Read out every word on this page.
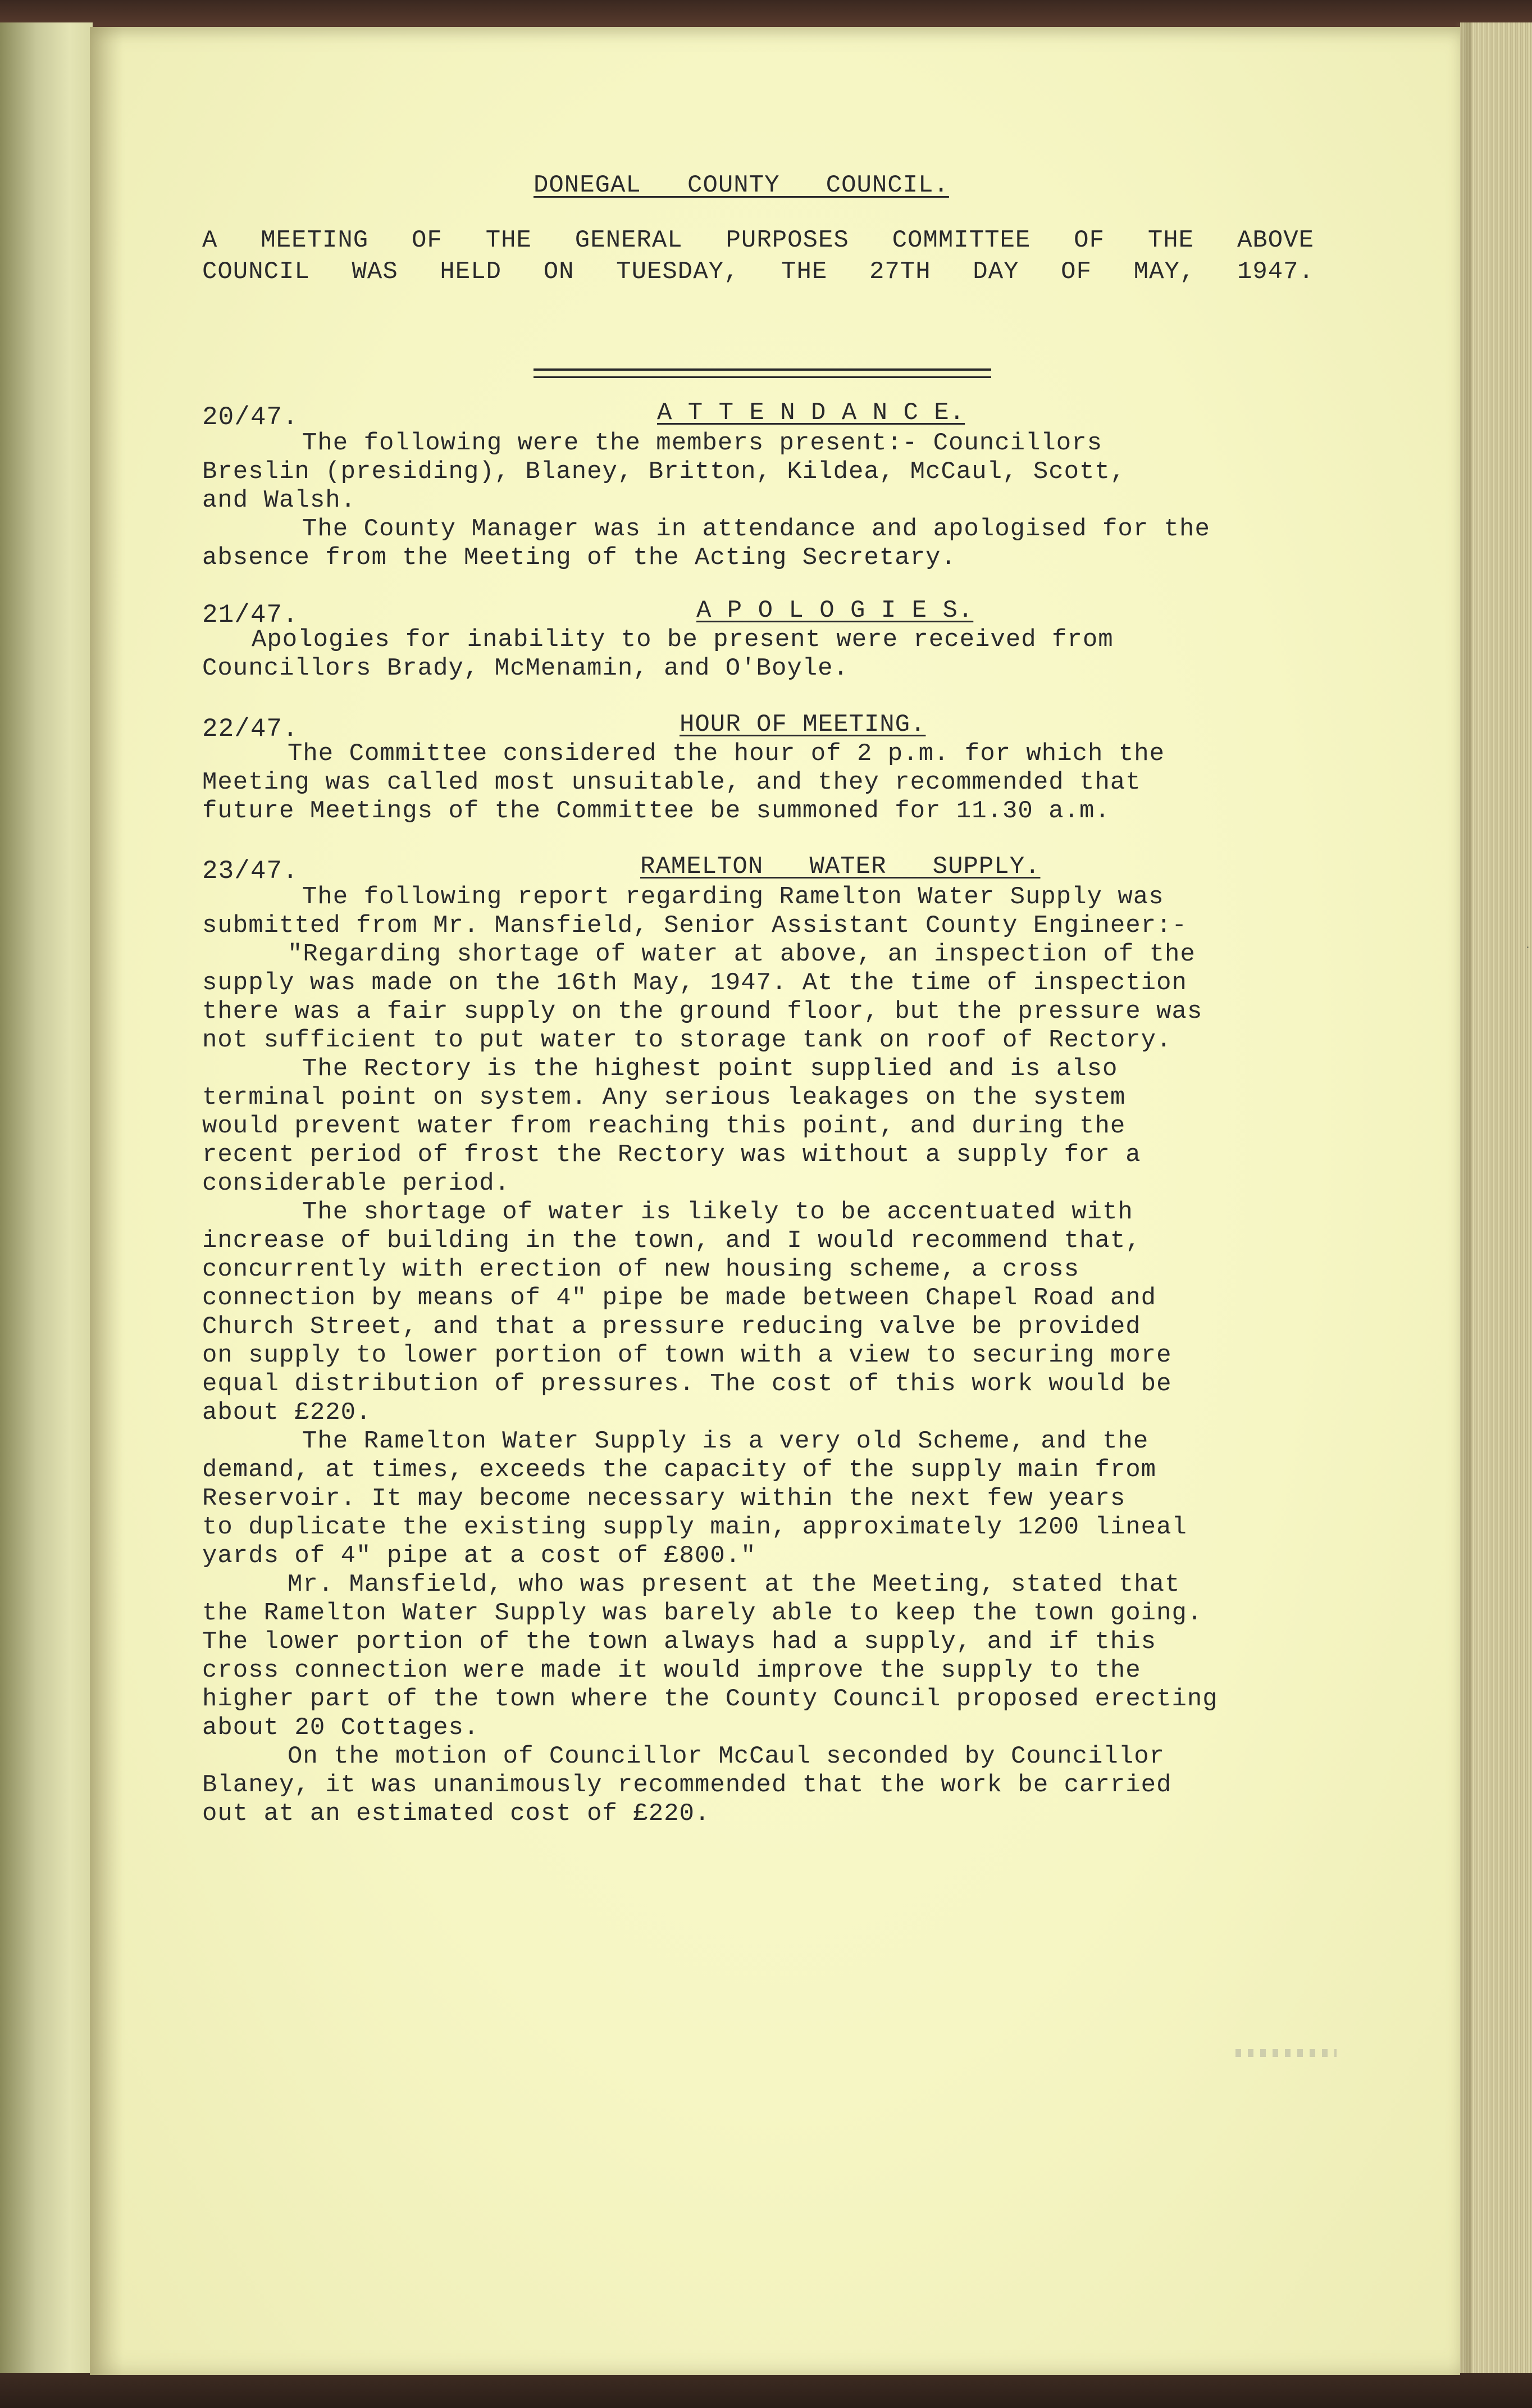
DONEGAL   COUNTY   COUNCIL.
A MEETING OF THE GENERAL PURPOSES COMMITTEE OF THE ABOVE
COUNCIL WAS HELD ON TUESDAY, THE 27TH DAY OF MAY, 1947.
20/47.	A T T E N D A N C E.

The following were the members present:- Councillors
Breslin (presiding), Blaney, Britton, Kildea, McCaul, Scott,
and Walsh.

The County Manager was in attendance and apologised for the
absence from the Meeting of the Acting Secretary.

21/47.	A P O L O G I E S.

Apologies for inability to be present were received from
Councillors Brady, McMenamin, and O'Boyle.

22/47.	HOUR OF MEETING.

The Committee considered the hour of 2 p.m. for which the
Meeting was called most unsuitable, and they recommended that
future Meetings of the Committee be summoned for 11.30 a.m.

23/47.	RAMELTON   WATER   SUPPLY.

The following report regarding Ramelton Water Supply was
submitted from Mr. Mansfield, Senior Assistant County Engineer:-

"Regarding shortage of water at above, an inspection of the
supply was made on the 16th May, 1947. At the time of inspection
there was a fair supply on the ground floor, but the pressure was
not sufficient to put water to storage tank on roof of Rectory.

The Rectory is the highest point supplied and is also
terminal point on system. Any serious leakages on the system
would prevent water from reaching this point, and during the
recent period of frost the Rectory was without a supply for a
considerable period.

The shortage of water is likely to be accentuated with
increase of building in the town, and I would recommend that,
concurrently with erection of new housing scheme, a cross
connection by means of 4" pipe be made between Chapel Road and
Church Street, and that a pressure reducing valve be provided
on supply to lower portion of town with a view to securing more
equal distribution of pressures. The cost of this work would be
about £220.

The Ramelton Water Supply is a very old Scheme, and the
demand, at times, exceeds the capacity of the supply main from
Reservoir. It may become necessary within the next few years
to duplicate the existing supply main, approximately 1200 lineal
yards of 4" pipe at a cost of £800."

Mr. Mansfield, who was present at the Meeting, stated that
the Ramelton Water Supply was barely able to keep the town going.
The lower portion of the town always had a supply, and if this
cross connection were made it would improve the supply to the
higher part of the town where the County Council proposed erecting
about 20 Cottages.

On the motion of Councillor McCaul seconded by Councillor
Blaney, it was unanimously recommended that the work be carried
out at an estimated cost of £220.

·
